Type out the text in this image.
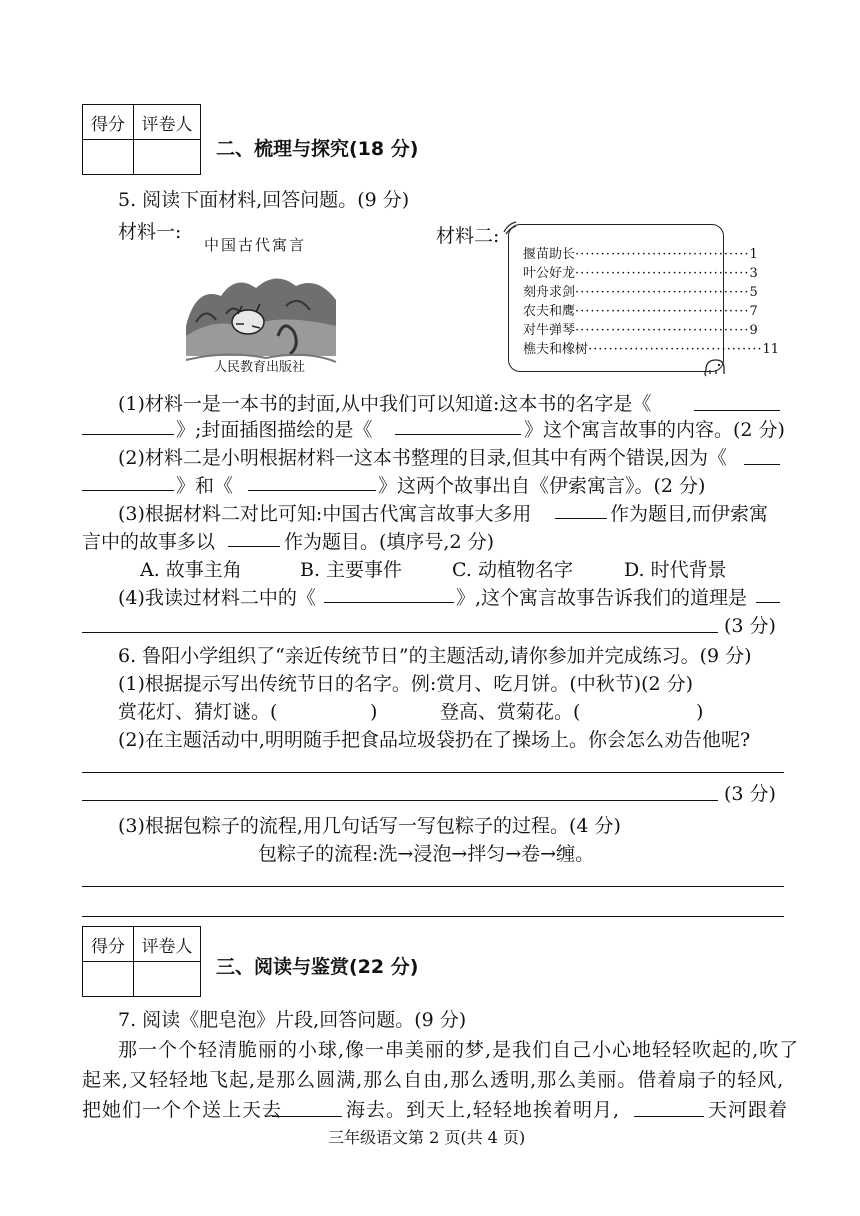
得分	评卷人

二、梳理与探究(18 分)
5. 阅读下面材料,回答问题。(9 分)
材料一:	材料二:
中国古代寓言
人民教育出版社
揠苗助长 ·································· 1
叶公好龙 ·································· 3
刻舟求剑 ·································· 5
农夫和鹰 ·································· 7
对牛弹琴 ·································· 9
樵夫和橡树 ·································· 11
(1)材料一是一本书的封面,从中我们可以知道:这本书的名字是《
》;封面插图描绘的是《	》这个寓言故事的内容。(2 分)
(2)材料二是小明根据材料一这本书整理的目录,但其中有两个错误,因为《
》和《	》这两个故事出自《伊索寓言》。(2 分)
(3)根据材料二对比可知:中国古代寓言故事大多用	作为题目,而伊索寓
言中的故事多以	作为题目。(填序号,2 分)
A. 故事主角	B. 主要事件	C. 动植物名字	D. 时代背景
(4)我读过材料二中的《	》,这个寓言故事告诉我们的道理是
(3 分)
6. 鲁阳小学组织了“亲近传统节日”的主题活动,请你参加并完成练习。(9 分)
(1)根据提示写出传统节日的名字。例:赏月、吃月饼。(中秋节)(2 分)
赏花灯、猜灯谜。(	)	登高、赏菊花。(	)
(2)在主题活动中,明明随手把食品垃圾袋扔在了操场上。你会怎么劝告他呢?
(3 分)
(3)根据包粽子的流程,用几句话写一写包粽子的过程。(4 分)
包粽子的流程:洗→浸泡→拌匀→卷→缠。
得分	评卷人

三、阅读与鉴赏(22 分)
7. 阅读《肥皂泡》片段,回答问题。(9 分)
那一个个轻清脆丽的小球,像一串美丽的梦,是我们自己小心地轻轻吹起的,吹了
起来,又轻轻地飞起,是那么圆满,那么自由,那么透明,那么美丽。借着扇子的轻风,
把她们一个个送上天去	海去。到天上,轻轻地挨着明月,	天河跟着
三年级语文第 2 页(共 4 页)
